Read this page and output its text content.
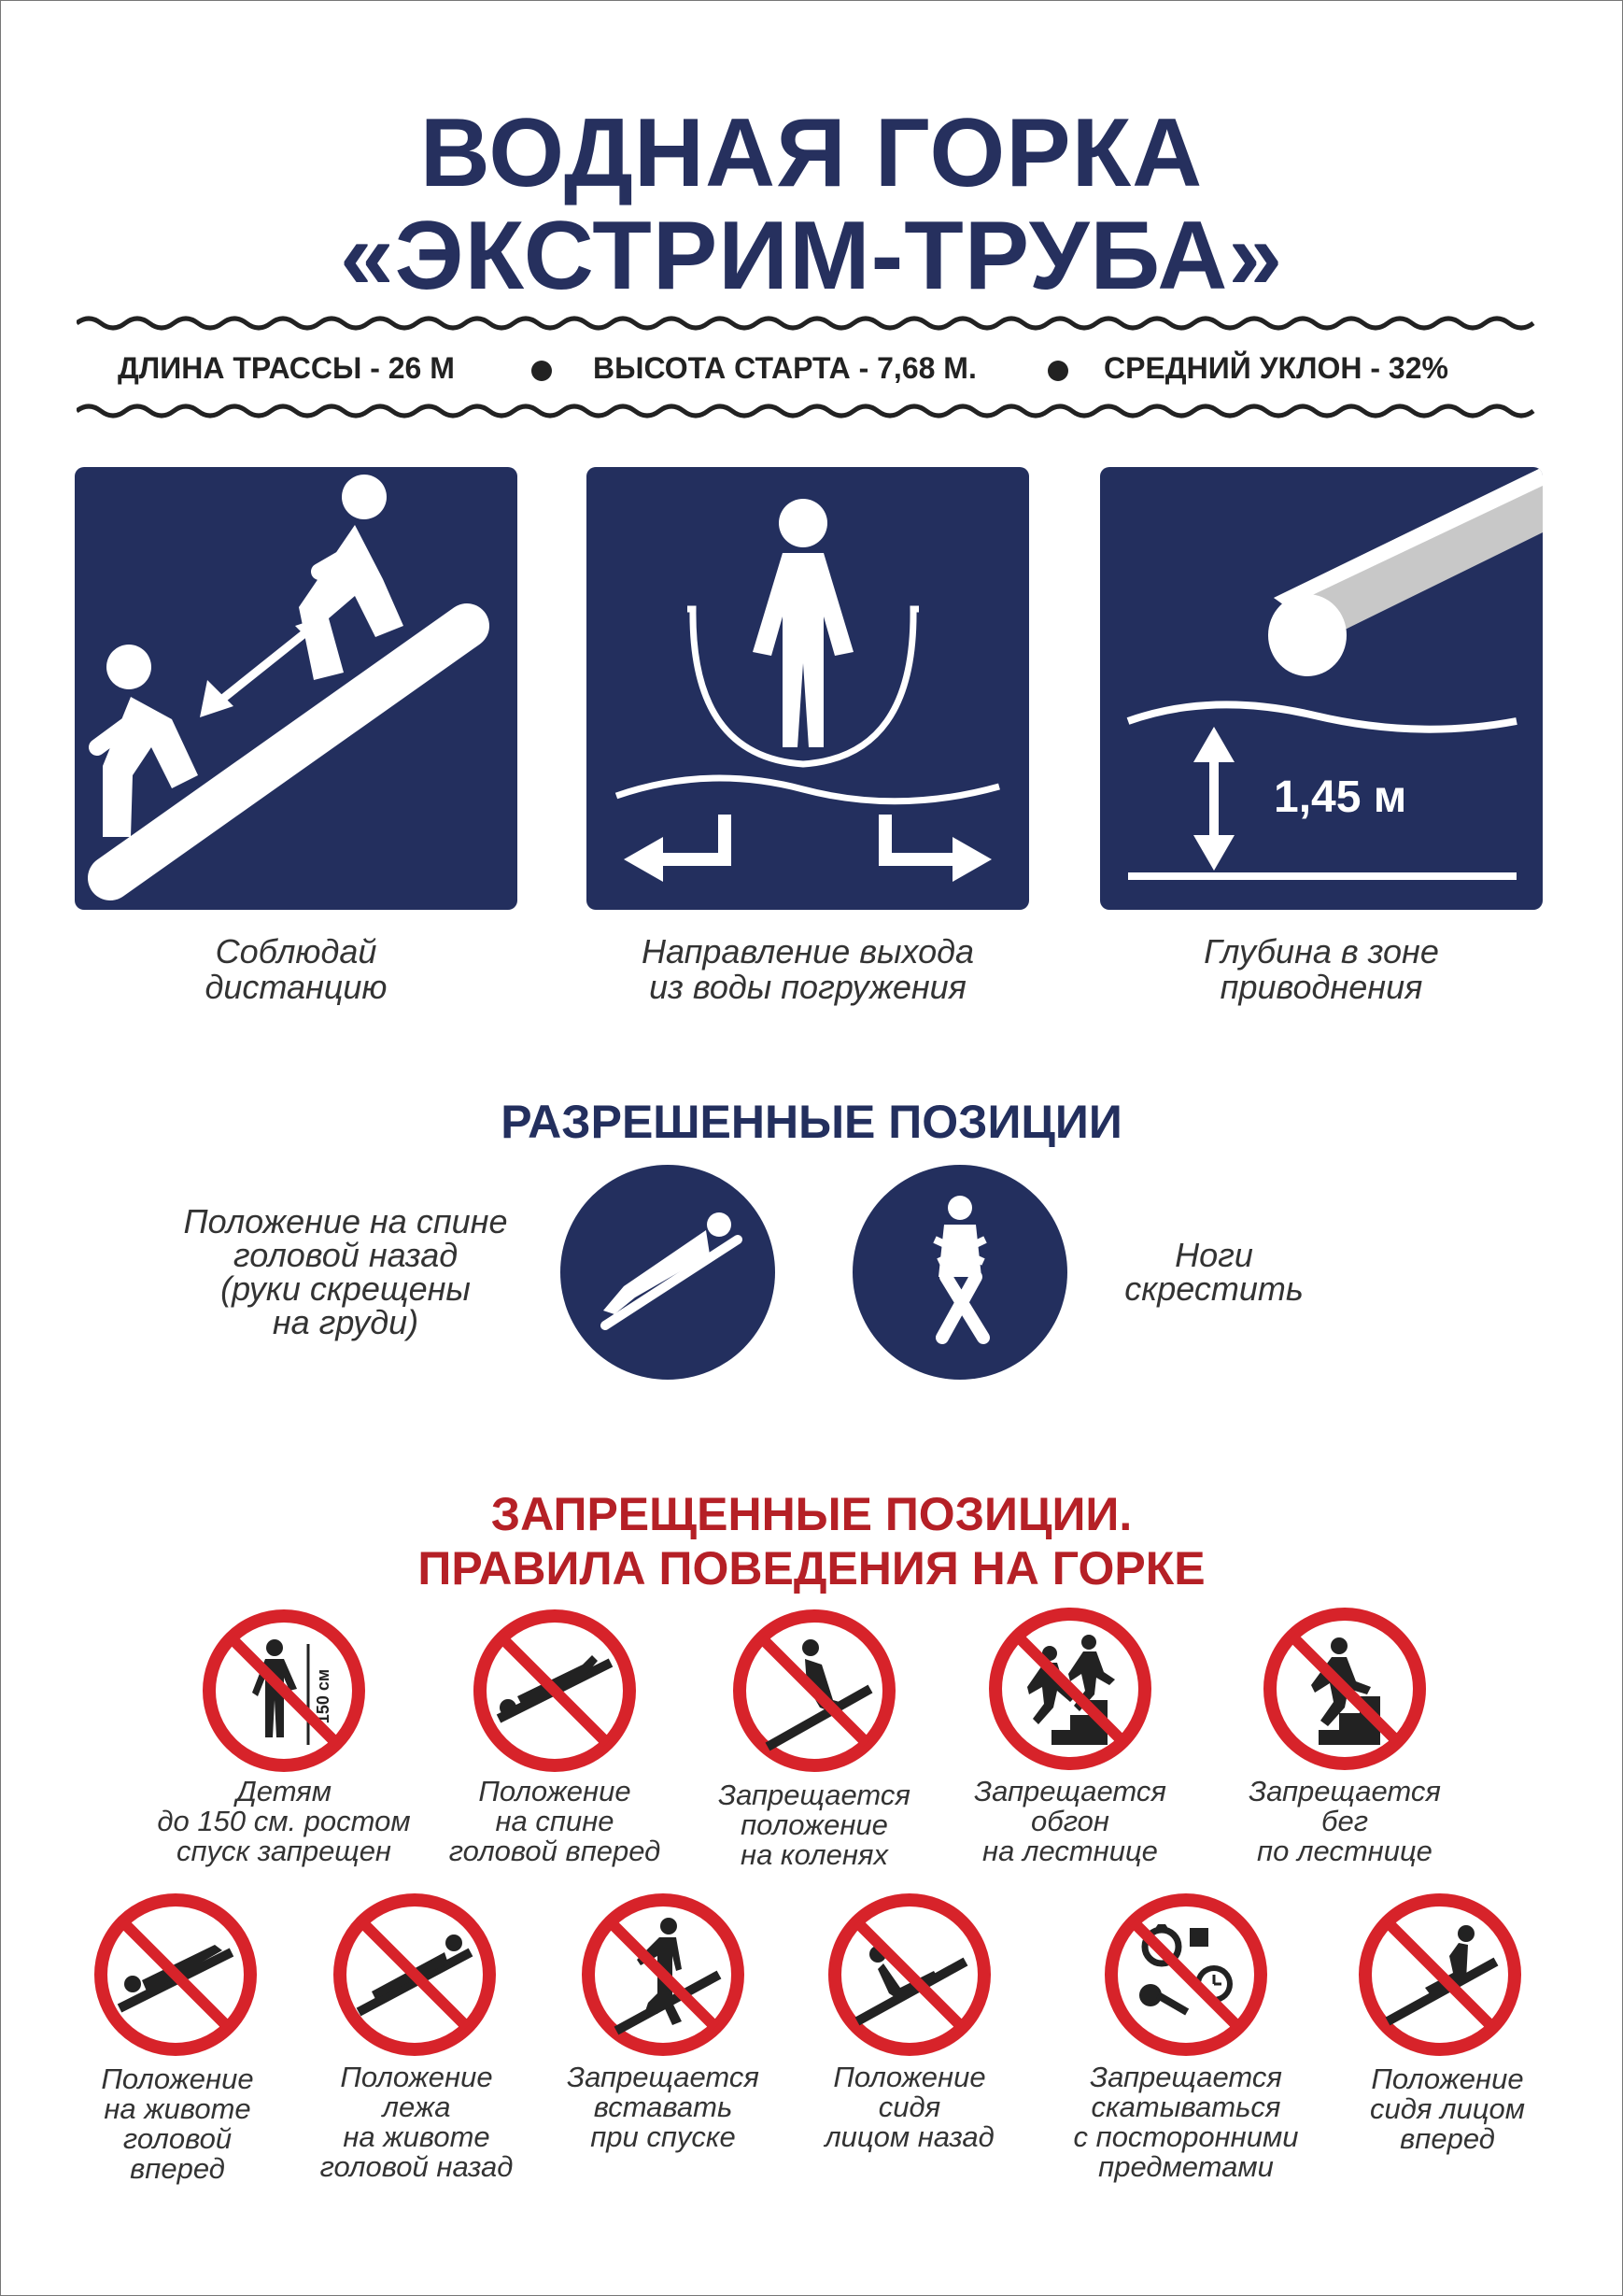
ВОДНАЯ ГОРКА
«ЭКСТРИМ-ТРУБА»
ДЛИНА ТРАССЫ - 26 М	ВЫСОТА СТАРТА - 7,68 М.	СРЕДНИЙ УКЛОН - 32%
Соблюдай
дистанцию
Направление выхода
из воды погружения
1,45 м
Глубина в зоне
приводнения
РАЗРЕШЕННЫЕ ПОЗИЦИИ
Положение на спине
головой назад
(руки скрещены
на груди)
Ноги
скрестить
ЗАПРЕЩЕННЫЕ ПОЗИЦИИ.
ПРАВИЛА ПОВЕДЕНИЯ НА ГОРКЕ
150 см
Детям
до 150 см. ростом
спуск запрещен
Положение
на спине
головой вперед
Запрещается
положение
на коленях
Запрещается
обгон
на лестнице
Запрещается
бег
по лестнице
Положение
на животе
головой
вперед
Положение
лежа
на животе
головой назад
Запрещается
вставать
при спуске
Положение
сидя
лицом назад
Запрещается
скатываться
с посторонними
предметами
Положение
сидя лицом
вперед
